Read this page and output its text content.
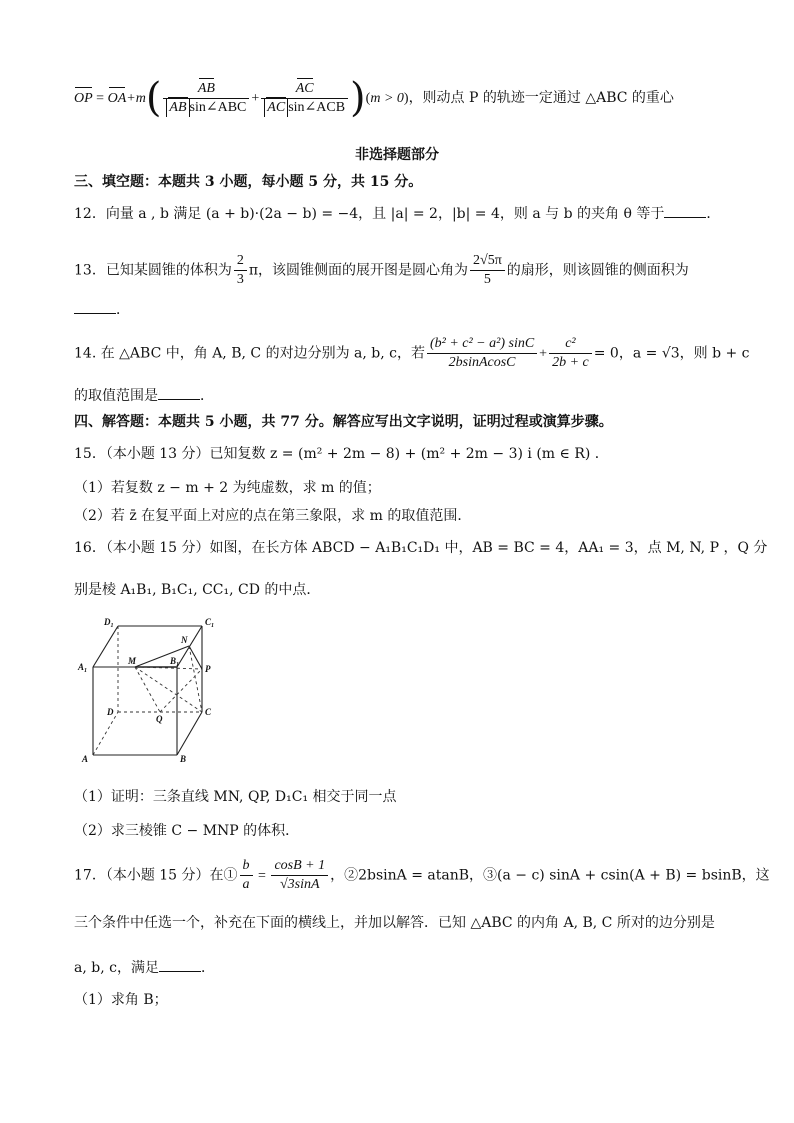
OP = $OA+m( \frac{AB}{\text{AB sin∠ABC}} + \frac{AC}{\text{AC sin∠ACB}} )(m > 0)$，则动点 P 的轨迹一定通过 △ABC 的重心
非选择题部分
三、填空题：本题共 3 小题，每小题 5 分，共 15 分。
12．向量 a , b 满足 (a + b)·(2a − b) = −4，且 |a| = 2，|b| = 4，则 a 与 b 的夹角 θ 等于	．
13．已知某圆锥的体积为 $\frac{2}{3}$ π，该圆锥侧面的展开图是圆心角为 $\frac{2√5\pi}{5}$ 的扇形，则该圆锥的侧面积为
．
14. 在 △ABC 中，角 A, B, C 的对边分别为 a, b, c，若 $\frac{\text{(b² + c² − a²) sinC}}{\text{2bsinAcosC}} + \frac{\text{c²}}{2b + c} = 0$，a = √3，则 b + c
的取值范围是	．
四、解答题：本题共 5 小题，共 77 分。解答应写出文字说明，证明过程或演算步骤。
15．（本小题 13 分）已知复数 z = (m² + 2m − 8) + (m² + 2m − 3) i (m ∈ R) ．
（1）若复数 z − m + 2 为纯虚数，求 m 的值；
（2）若 z̄ 在复平面上对应的点在第三象限，求 m 的取值范围．
16．（本小题 15 分）如图，在长方体 ABCD − A₁B₁C₁D₁ 中，AB = BC = 4，AA₁ = 3，点 M, N, P ，Q 分
别是棱 A₁B₁, B₁C₁, CC₁, CD 的中点．
$D_1$	$C_1$
$A_1$
M
N
$B_1$	P
D
Q
C
A	B
（1）证明：三条直线 MN, QP, D₁C₁ 相交于同一点
（2）求三棱锥 C − MNP 的体积．
17．（本小题 15 分）在① $\frac{b}{a} = \frac{\cos B + 1}{√3\sin A}$ ，②2bsinA = atanB，③(a − c) sinA + csin(A + B) = bsinB，这
三个条件中任选一个，补充在下面的横线上，并加以解答．已知 △ABC 的内角 A, B, C 所对的边分别是
a, b, c，满足	．
（1）求角 B；
